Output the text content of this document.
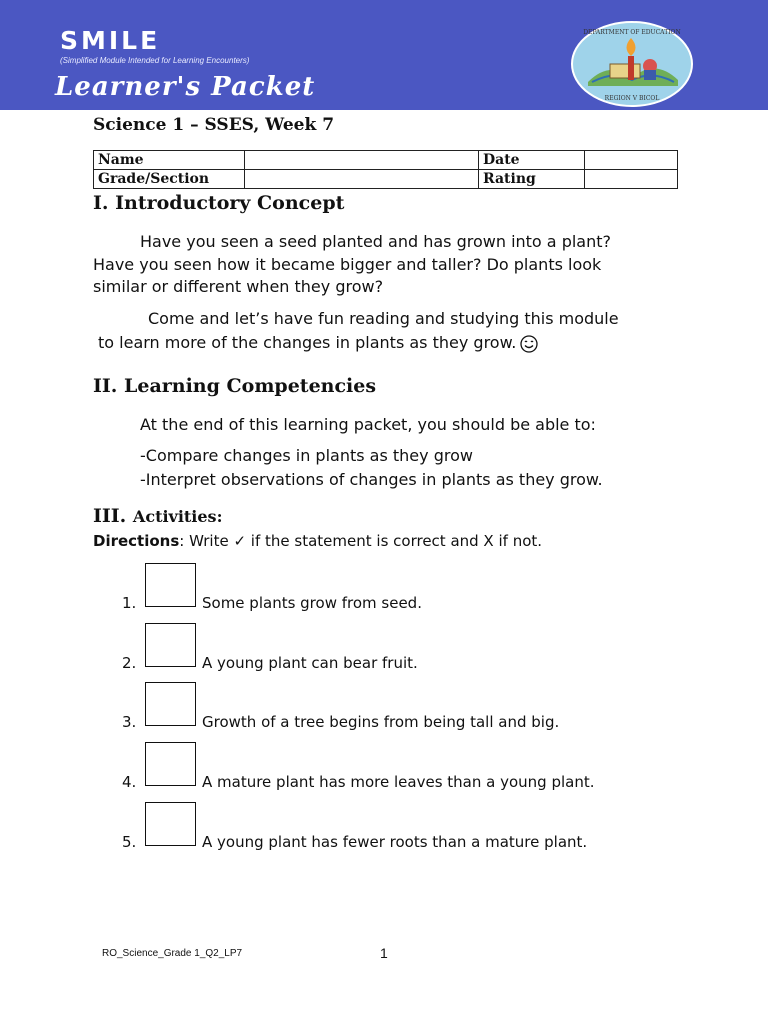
SMILE
(Simplified Module Intended for Learning Encounters)
Learner's Packet	REGION V BICOL
DEPARTMENT OF EDUCATION
Science 1 – SSES, Week 7
Name		Date	
Grade/Section		Rating	
I. Introductory Concept
Have you seen a seed planted and has grown into a plant?
Have you seen how it became bigger and taller? Do plants look
similar or different when they grow?
Come and let’s have fun reading and studying this module
to learn more of the changes in plants as they grow.
II. Learning Competencies
At the end of this learning packet, you should be able to:
-Compare changes in plants as they grow
-Interpret observations of changes in plants as they grow.
III. Activities:
Directions: Write ✓ if the statement is correct and X if not.
1.	Some plants grow from seed.
2.	A young plant can bear fruit.
3.	Growth of a tree begins from being tall and big.
4.	A mature plant has more leaves than a young plant.
5.	A young plant has fewer roots than a mature plant.
RO_Science_Grade 1_Q2_LP7	1
